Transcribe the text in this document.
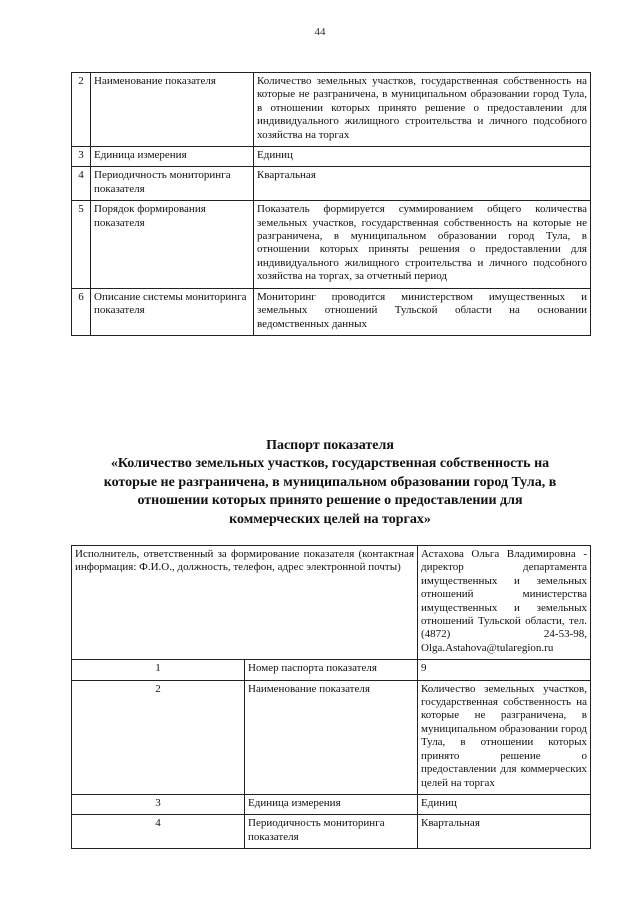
44
2	Наименование показателя	Количество земельных участков, государственная собственность на которые не разграничена, в муниципальном образовании город Тула, в отношении которых принято решение о предоставлении для индивидуального жилищного строительства и личного подсобного хозяйства на торгах
3	Единица измерения	Единиц
4	Периодичность мониторинга показателя	Квартальная
5	Порядок формирования показателя	Показатель формируется суммированием общего количества земельных участков, государственная собственность на которые не разграничена, в муниципальном образовании город Тула, в отношении которых приняты решения о предоставлении для индивидуального жилищного строительства и личного подсобного хозяйства на торгах, за отчетный период
6	Описание системы мониторинга показателя	Мониторинг проводится министерством имущественных и земельных отношений Тульской области на основании ведомственных данных
Паспорт показателя
«Количество земельных участков, государственная собственность на которые не разграничена, в муниципальном образовании город Тула, в отношении которых принято решение о предоставлении для коммерческих целей на торгах»
Исполнитель, ответственный за формирование показателя (контактная информация: Ф.И.О., должность, телефон, адрес электронной почты)		Астахова Ольга Владимировна - директор департамента имущественных и земельных отношений министерства имущественных и земельных отношений Тульской области, тел. (4872) 24-53-98, Olga.Astahova@tularegion.ru
1	Номер паспорта показателя	9
2	Наименование показателя	Количество земельных участков, государственная собственность на которые не разграничена, в муниципальном образовании город Тула, в отношении которых принято решение о предоставлении для коммерческих целей на торгах
3	Единица измерения	Единиц
4	Периодичность мониторинга показателя	Квартальная
